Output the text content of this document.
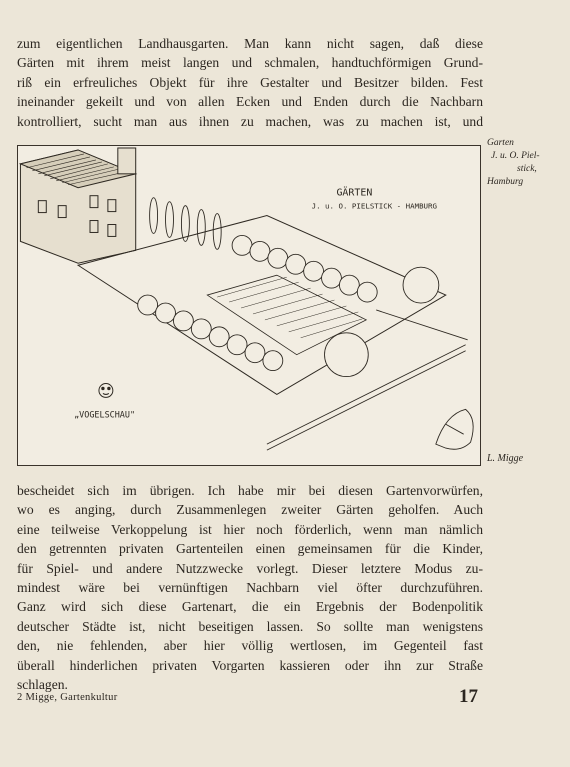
zum eigentlichen Landhausgarten. Man kann nicht sagen, daß diese
Gärten mit ihrem meist langen und schmalen, handtuchförmigen Grund-
riß ein erfreuliches Objekt für ihre Gestalter und Besitzer bilden. Fest
ineinander gekeilt und von allen Ecken und Enden durch die Nachbarn
kontrolliert, sucht man aus ihnen zu machen, was zu machen ist, und
GÄRTEN
J. u. O. PIELSTICK - HAMBURG
„VOGELSCHAU"
Garten
J. u. O. Piel-
stick,
Hamburg
L. Migge
bescheidet sich im übrigen. Ich habe mir bei diesen Gartenvorwürfen,
wo es anging, durch Zusammenlegen zweiter Gärten geholfen. Auch
eine teilweise Verkoppelung ist hier noch förderlich, wenn man nämlich
den getrennten privaten Gartenteilen einen gemeinsamen für die Kinder,
für Spiel- und andere Nutzzwecke vorlegt. Dieser letztere Modus zu-
mindest wäre bei vernünftigen Nachbarn viel öfter durchzuführen.
Ganz wird sich diese Gartenart, die ein Ergebnis der Bodenpolitik
deutscher Städte ist, nicht beseitigen lassen. So sollte man wenigstens
den, nie fehlenden, aber hier völlig wertlosen, im Gegenteil fast
überall hinderlichen privaten Vorgarten kassieren oder ihn zur Straße
schlagen.
2 Migge, Gartenkultur	17
